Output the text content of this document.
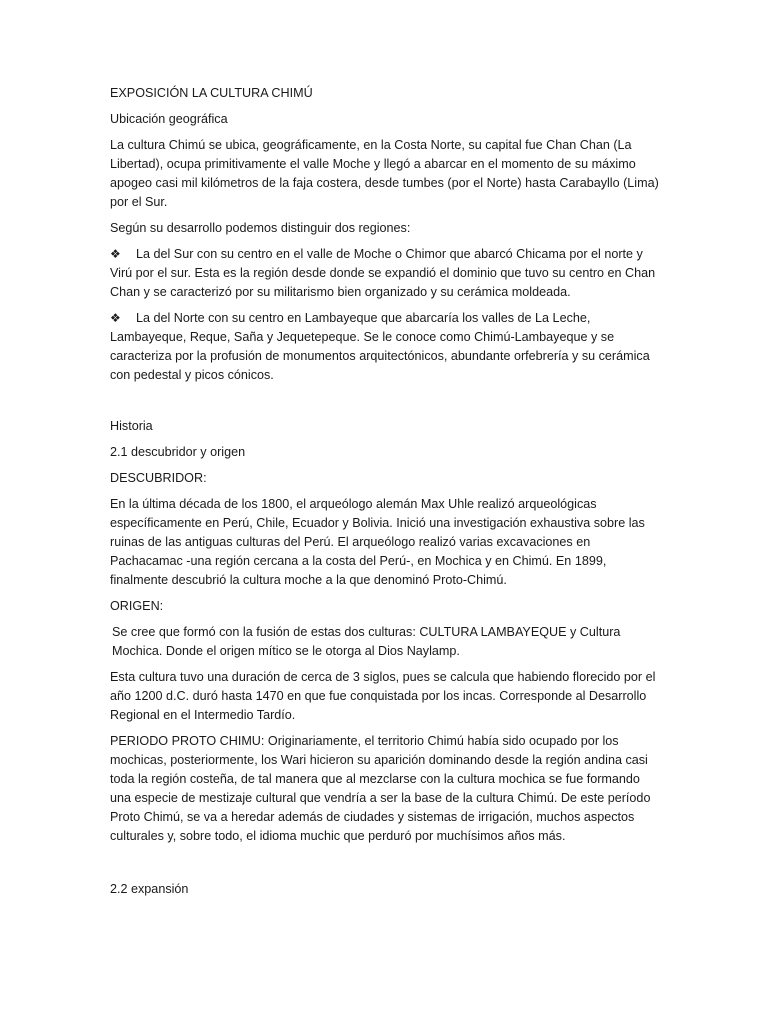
EXPOSICIÓN LA CULTURA CHIMÚ

Ubicación geográfica

La cultura Chimú se ubica, geográficamente, en la Costa Norte, su capital fue Chan Chan (La Libertad), ocupa primitivamente el valle Moche y llegó a abarcar en el momento de su máximo apogeo casi mil kilómetros de la faja costera, desde tumbes (por el Norte) hasta Carabayllo (Lima) por el Sur.

Según su desarrollo podemos distinguir dos regiones:

❖ La del Sur con su centro en el valle de Moche o Chimor que abarcó Chicama por el norte y Virú por el sur. Esta es la región desde donde se expandió el dominio que tuvo su centro en Chan Chan y se caracterizó por su militarismo bien organizado y su cerámica moldeada.

❖ La del Norte con su centro en Lambayeque que abarcaría los valles de La Leche, Lambayeque, Reque, Saña y Jequetepeque. Se le conoce como Chimú-Lambayeque y se caracteriza por la profusión de monumentos arquitectónicos, abundante orfebrería y su cerámica con pedestal y picos cónicos.

Historia

2.1 descubridor y origen

DESCUBRIDOR:

En la última década de los 1800, el arqueólogo alemán Max Uhle realizó arqueológicas específicamente en Perú, Chile, Ecuador y Bolivia. Inició una investigación exhaustiva sobre las ruinas de las antiguas culturas del Perú. El arqueólogo realizó varias excavaciones en Pachacamac -una región cercana a la costa del Perú-, en Mochica y en Chimú. En 1899, finalmente descubrió la cultura moche a la que denominó Proto-Chimú.

ORIGEN:

Se cree que formó con la fusión de estas dos culturas: CULTURA LAMBAYEQUE y Cultura Mochica. Donde el origen mítico se le otorga al Dios Naylamp.

Esta cultura tuvo una duración de cerca de 3 siglos, pues se calcula que habiendo florecido por el año 1200 d.C. duró hasta 1470 en que fue conquistada por los incas. Corresponde al Desarrollo Regional en el Intermedio Tardío.

PERIODO PROTO CHIMU: Originariamente, el territorio Chimú había sido ocupado por los mochicas, posteriormente, los Wari hicieron su aparición dominando desde la región andina casi toda la región costeña, de tal manera que al mezclarse con la cultura mochica se fue formando una especie de mestizaje cultural que vendría a ser la base de la cultura Chimú. De este período Proto Chimú, se va a heredar además de ciudades y sistemas de irrigación, muchos aspectos culturales y, sobre todo, el idioma muchic que perduró por muchísimos años más.

2.2 expansión
